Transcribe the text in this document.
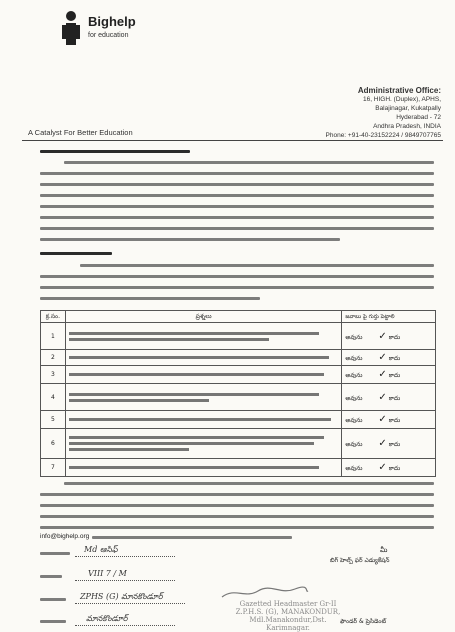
Bighelp
for education
Administrative Office:
16, HIGH. (Duplex), APHS,
Balajinagar, Kukatpally
Hyderabad - 72
Andhra Pradesh, INDIA
Phone: +91-40-23152224 / 9849707765
A Catalyst For Better Education
క్ర.సం.	ప్రశ్నలు	జవాబు పై గుర్తు పెట్టాలి
1		అవును ✓ కాదు
2		అవును ✓ కాదు
3		అవును ✓ కాదు
4		అవును ✓ కాదు
5		అవును ✓ కాదు
6		అవును ✓ కాదు
7		అవును ✓ కాదు
info@bighelp.org
Md ఆసిఫ్
VIII 7 / M
ZPHS (G) మానకొండూర్
మానకొండూర్
Gazetted Headmaster Gr-II
Z.P.H.S. (G), MANAKONDUR,
Mdl.Manakondur,Dst. Karimnagar.
మీ
బిగ్ హెల్ప్ ఫర్ ఎడ్యుకేషన్
ఫౌండర్ & ప్రెసిడెంట్
